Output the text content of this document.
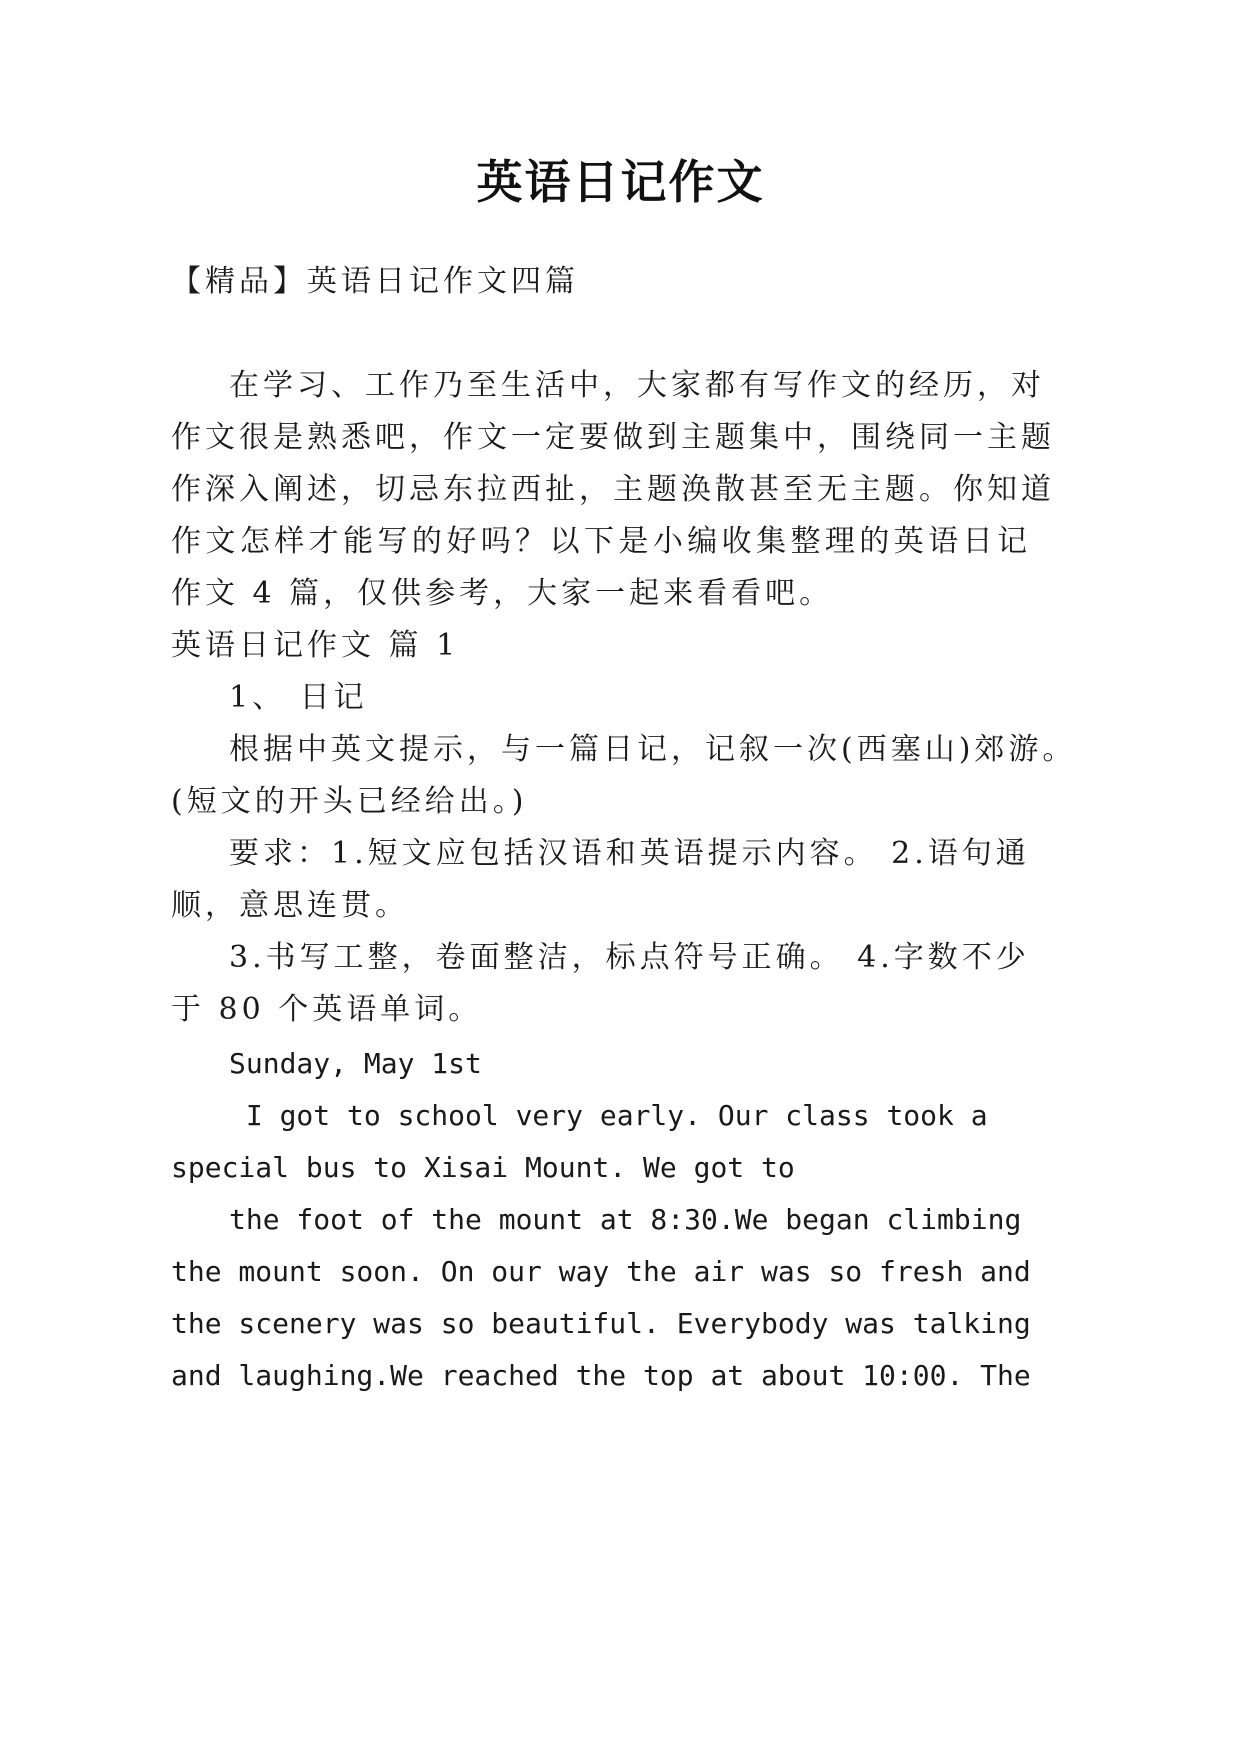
英语日记作文
【精品】英语日记作文四篇
在学习、工作乃至生活中，大家都有写作文的经历，对
作文很是熟悉吧，作文一定要做到主题集中，围绕同一主题
作深入阐述，切忌东拉西扯，主题涣散甚至无主题。你知道
作文怎样才能写的好吗？以下是小编收集整理的英语日记
作文 4 篇，仅供参考，大家一起来看看吧。
英语日记作文 篇 1
1、 日记
根据中英文提示，与一篇日记，记叙一次(西塞山)郊游。
(短文的开头已经给出。)
要求：1.短文应包括汉语和英语提示内容。 2.语句通
顺，意思连贯。
3.书写工整，卷面整洁，标点符号正确。 4.字数不少
于 80 个英语单词。
Sunday, May 1st
I got to school very early. Our class took a
special bus to Xisai Mount. We got to
the foot of the mount at 8:30.We began climbing
the mount soon. On our way the air was so fresh and
the scenery was so beautiful. Everybody was talking
and laughing.We reached the top at about 10:00. The
